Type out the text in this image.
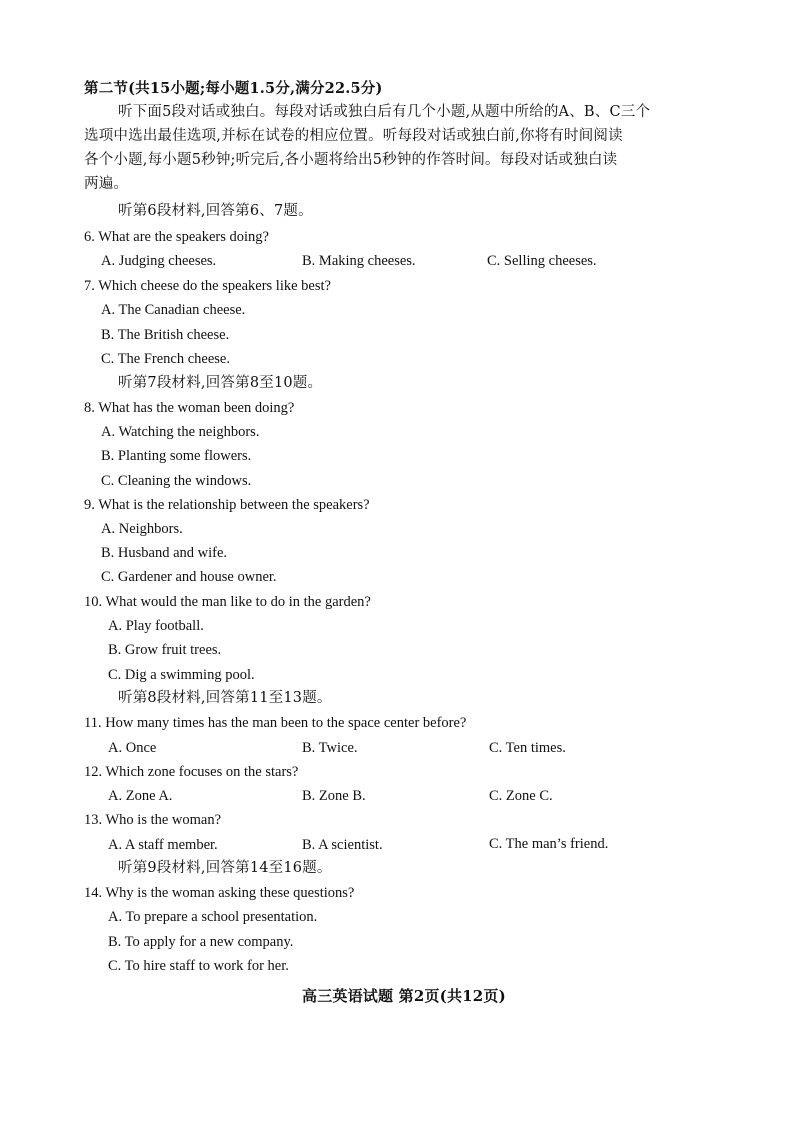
第二节(共15小题;每小题1.5分,满分22.5分)
听下面5段对话或独白。每段对话或独白后有几个小题,从题中所给的A、B、C三个
选项中选出最佳选项,并标在试卷的相应位置。听每段对话或独白前,你将有时间阅读
各个小题,每小题5秒钟;听完后,各小题将给出5秒钟的作答时间。每段对话或独白读
两遍。
听第6段材料,回答第6、7题。
6. What are the speakers doing?
A. Judging cheeses.	B. Making cheeses.	C. Selling cheeses.
7. Which cheese do the speakers like best?
A. The Canadian cheese.
B. The British cheese.
C. The French cheese.
听第7段材料,回答第8至10题。
8. What has the woman been doing?
A. Watching the neighbors.
B. Planting some flowers.
C. Cleaning the windows.
9. What is the relationship between the speakers?
A. Neighbors.
B. Husband and wife.
C. Gardener and house owner.
10. What would the man like to do in the garden?
A. Play football.
B. Grow fruit trees.
C. Dig a swimming pool.
听第8段材料,回答第11至13题。
11. How many times has the man been to the space center before?
A. Once	B. Twice.	C. Ten times.
12. Which zone focuses on the stars?
A. Zone A.	B. Zone B.	C. Zone C.
13. Who is the woman?
A. A staff member.	B. A scientist.	C. The man’s friend.
听第9段材料,回答第14至16题。
14. Why is the woman asking these questions?
A. To prepare a school presentation.
B. To apply for a new company.
C. To hire staff to work for her.
高三英语试题 第2页(共12页)
